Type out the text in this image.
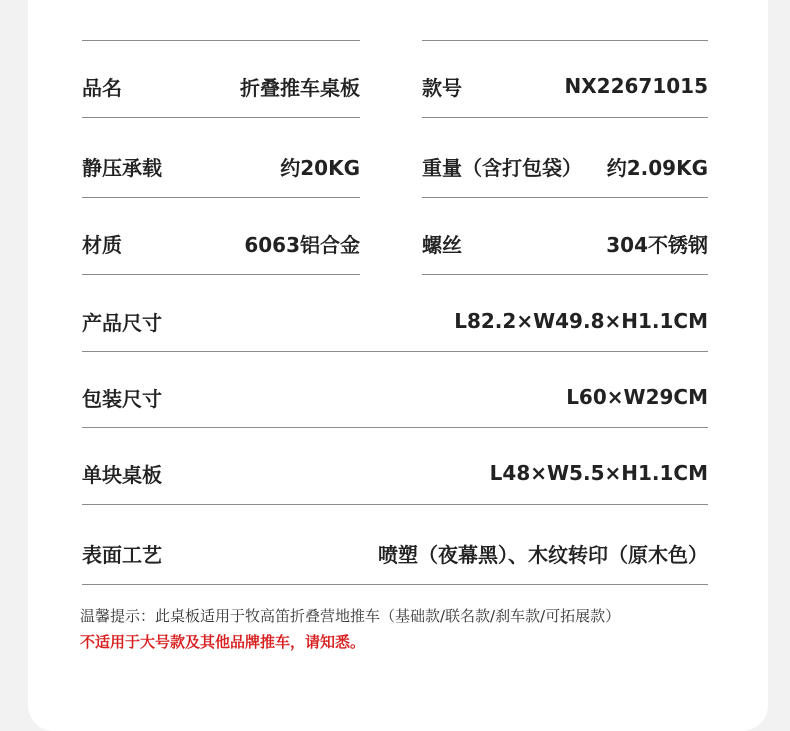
品名	折叠推车桌板	款号	NX22671015
静压承载	约20KG	重量（含打包袋） 约2.09KG
材质	6063铝合金	螺丝	304不锈钢
产品尺寸	L82.2×W49.8×H1.1CM
包装尺寸	L60×W29CM
单块桌板	L48×W5.5×H1.1CM
表面工艺	喷塑（夜幕黑）、木纹转印（原木色）
温馨提示：此桌板适用于牧高笛折叠营地推车（基础款/联名款/刹车款/可拓展款）
不适用于大号款及其他品牌推车，请知悉。
